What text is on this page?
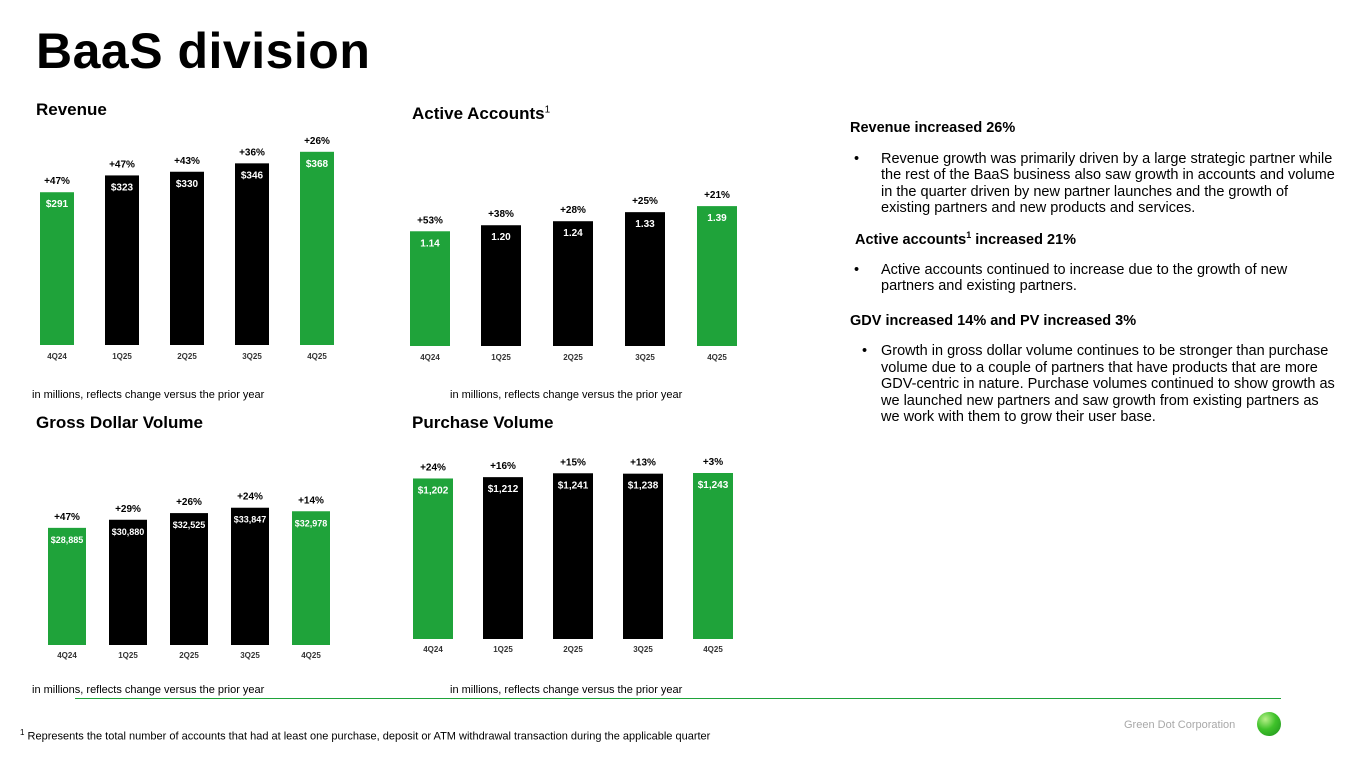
BaaS division
Revenue	Active Accounts$^1$
Gross Dollar Volume	Purchase Volume
$291
+47%
4Q24
$323
+47%
1Q25
$330
+43%
2Q25
$346
+36%
3Q25
$368
+26%
4Q25
1.14
+53%
4Q24
1.20
+38%
1Q25
1.24
+28%
2Q25
1.33
+25%
3Q25
1.39
+21%
4Q25
$28,885
+47%
4Q24
$30,880
+29%
1Q25
$32,525
+26%
2Q25
$33,847
+24%
3Q25
$32,978
+14%
4Q25
$1,202
+24%
4Q24
$1,212
+16%
1Q25
$1,241
+15%
2Q25
$1,238
+13%
3Q25
$1,243
+3%
4Q25
in millions, reflects change versus the prior year	in millions, reflects change versus the prior year
in millions, reflects change versus the prior year	in millions, reflects change versus the prior year
Revenue increased 26%
• Revenue growth was primarily driven by a large strategic partner while the rest of the BaaS business also saw growth in accounts and volume in the quarter driven by new partner launches and the growth of existing partners and new products and services.
Active accounts$^1$ increased 21%
• Active accounts continued to increase due to the growth of new partners and existing partners.
GDV increased 14% and PV increased 3%
• Growth in gross dollar volume continues to be stronger than purchase volume due to a couple of partners that have products that are more GDV-centric in nature. Purchase volumes continued to show growth as we launched new partners and saw growth from existing partners as we work with them to grow their user base.
$^1$ Represents the total number of accounts that had at least one purchase, deposit or ATM withdrawal transaction during the applicable quarter
Green Dot Corporation
